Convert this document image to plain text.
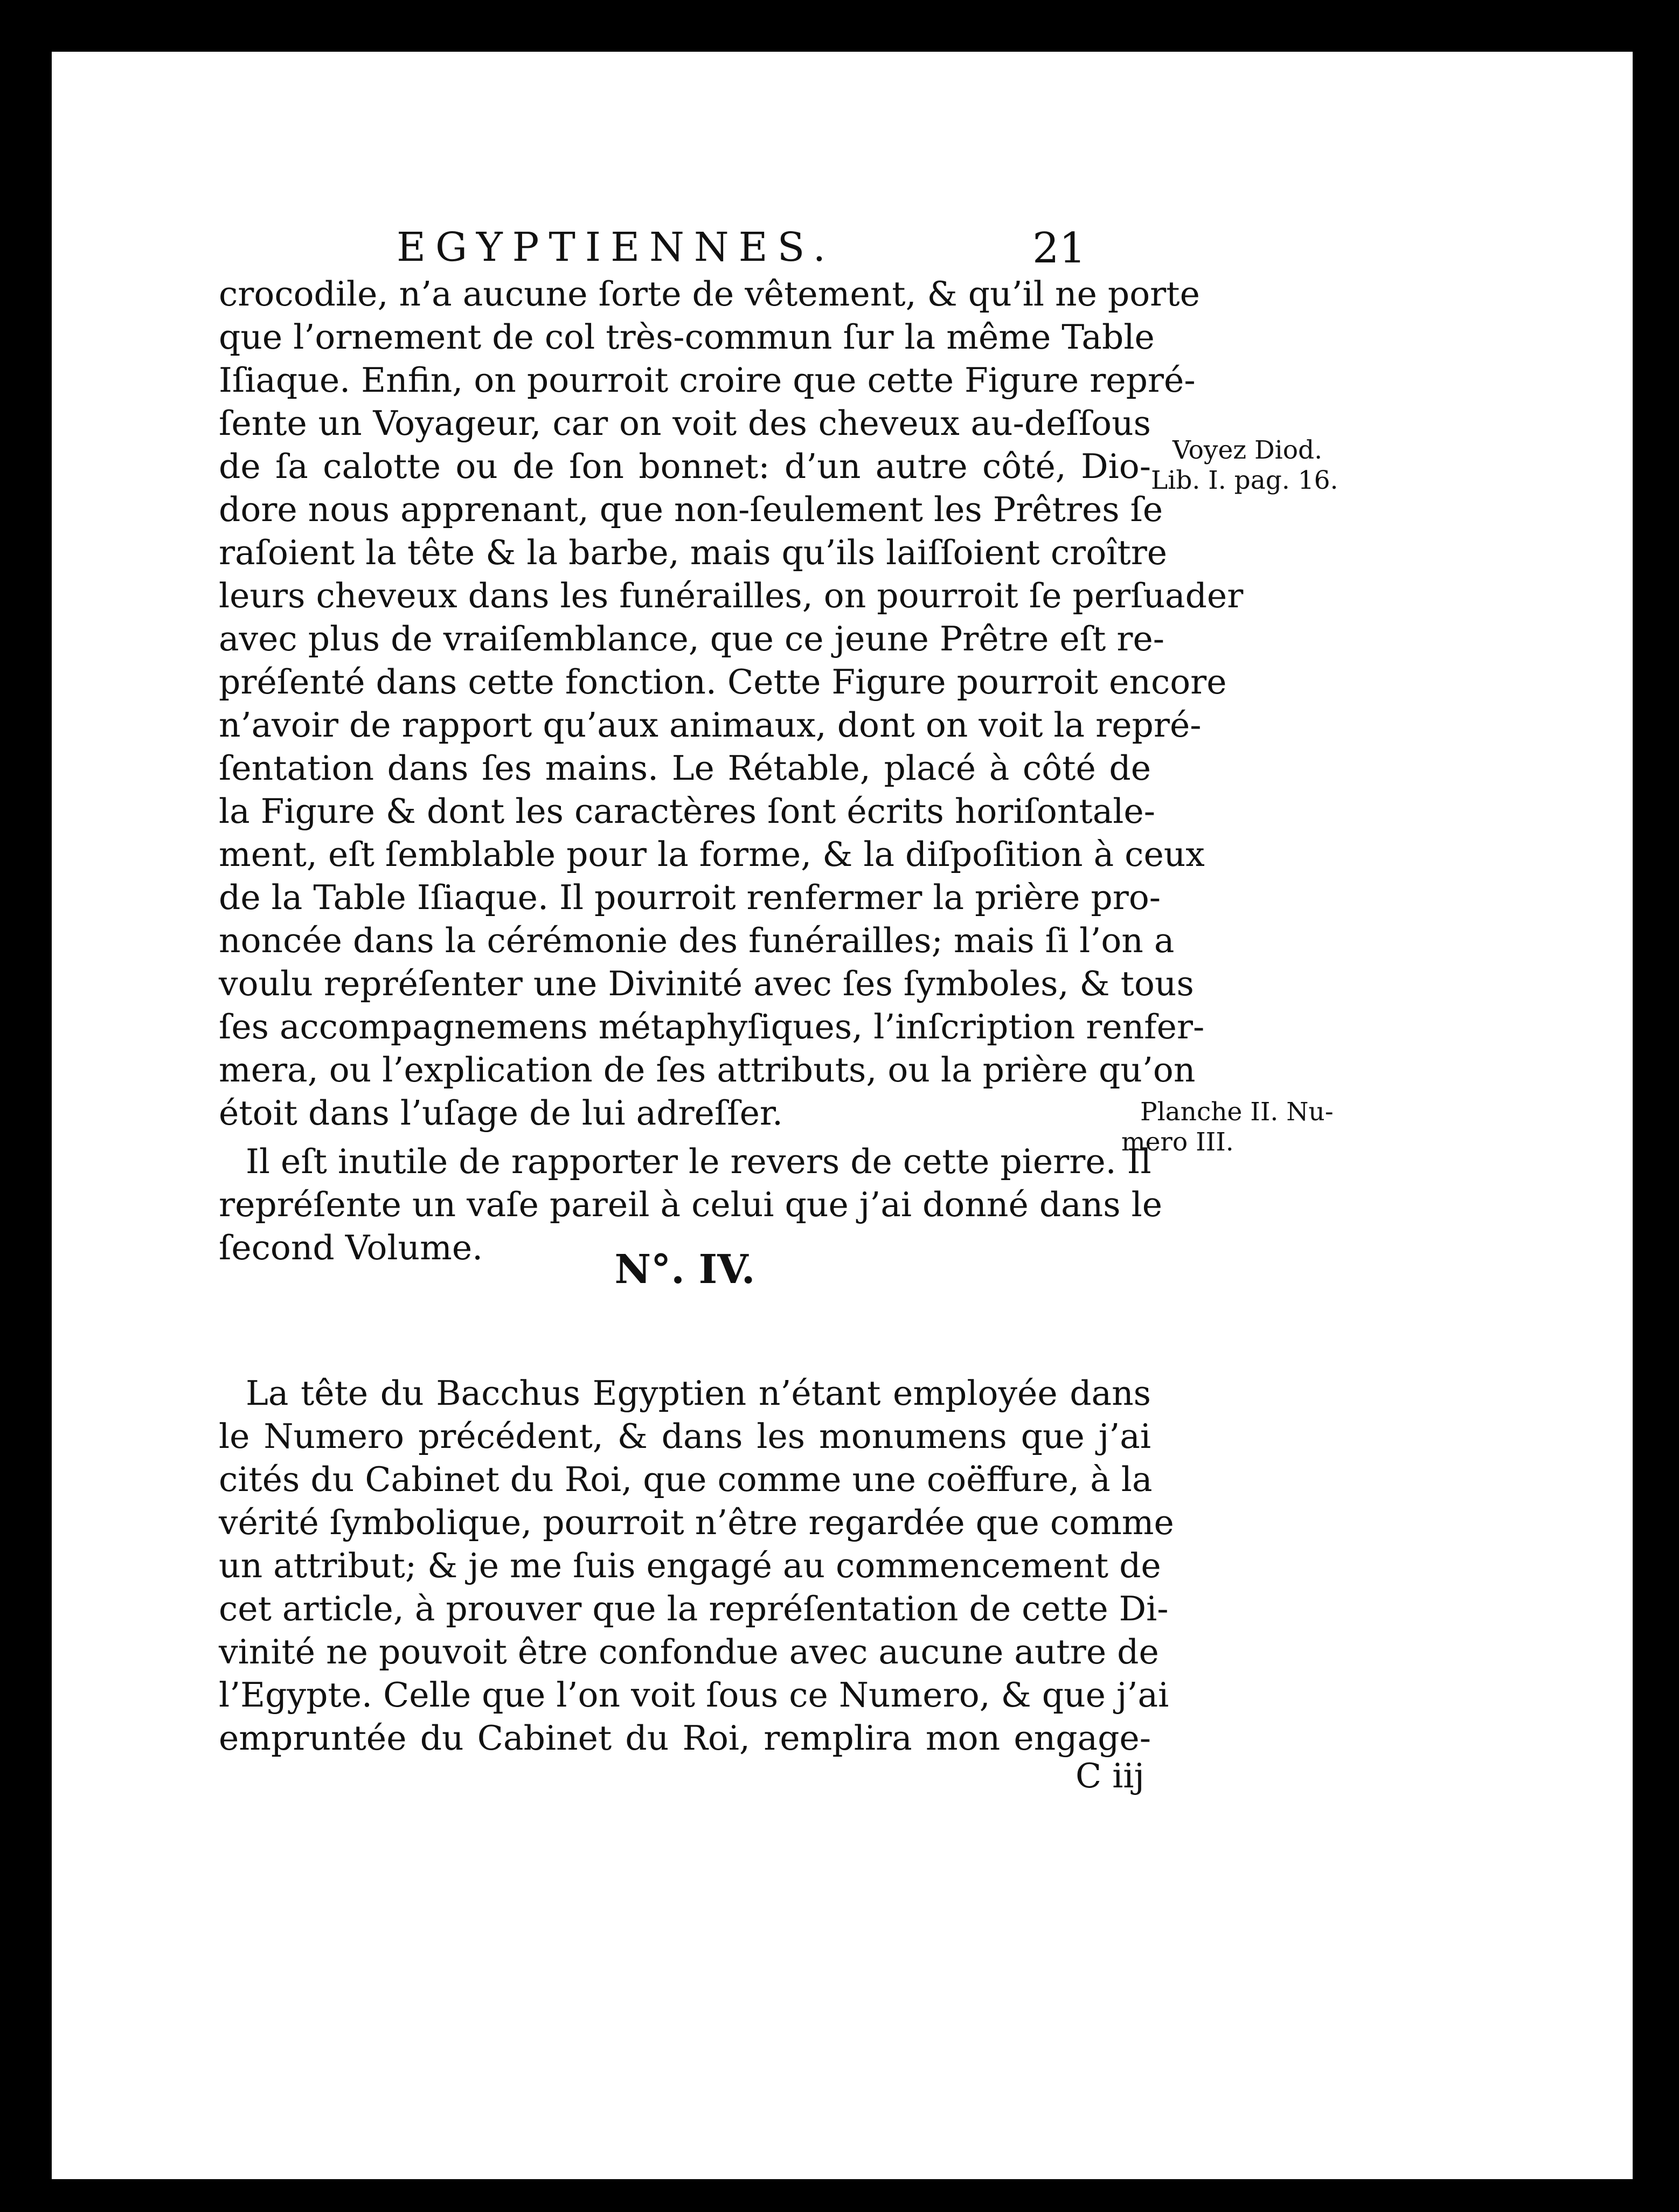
EGYPTIENNES.	21
crocodile, n’a aucune ſorte de vêtement, & qu’il ne porte
que l’ornement de col très-commun ſur la même Table
Iſiaque. Enfin, on pourroit croire que cette Figure repré-
ſente un Voyageur, car on voit des cheveux au-deſſous
de ſa calotte ou de ſon bonnet: d’un autre côté, Dio-
dore nous apprenant, que non-ſeulement les Prêtres ſe
raſoient la tête & la barbe, mais qu’ils laiſſoient croître
leurs cheveux dans les funérailles, on pourroit ſe perſuader
avec plus de vraiſemblance, que ce jeune Prêtre eſt re-
préſenté dans cette fonction. Cette Figure pourroit encore
n’avoir de rapport qu’aux animaux, dont on voit la repré-
ſentation dans ſes mains. Le Rétable, placé à côté de
la Figure & dont les caractères ſont écrits horiſontale-
ment, eſt ſemblable pour la forme, & la diſpoſition à ceux
de la Table Iſiaque. Il pourroit renfermer la prière pro-
noncée dans la cérémonie des funérailles; mais ſi l’on a
voulu repréſenter une Divinité avec ſes ſymboles, & tous
ſes accompagnemens métaphyſiques, l’inſcription renfer-
mera, ou l’explication de ſes attributs, ou la prière qu’on
étoit dans l’uſage de lui adreſſer.
Il eſt inutile de rapporter le revers de cette pierre. Il
repréſente un vaſe pareil à celui que j’ai donné dans le
ſecond Volume.	N°. IV.
La tête du Bacchus Egyptien n’étant employée dans
le Numero précédent, & dans les monumens que j’ai
cités du Cabinet du Roi, que comme une coëffure, à la
vérité ſymbolique, pourroit n’être regardée que comme
un attribut; & je me ſuis engagé au commencement de
cet article, à prouver que la repréſentation de cette Di-
vinité ne pouvoit être confondue avec aucune autre de
l’Egypte. Celle que l’on voit ſous ce Numero, & que j’ai
empruntée du Cabinet du Roi, remplira mon engage-
C iij
Voyez Diod.
Lib. I. pag. 16.
Planche II. Nu-
mero III.
